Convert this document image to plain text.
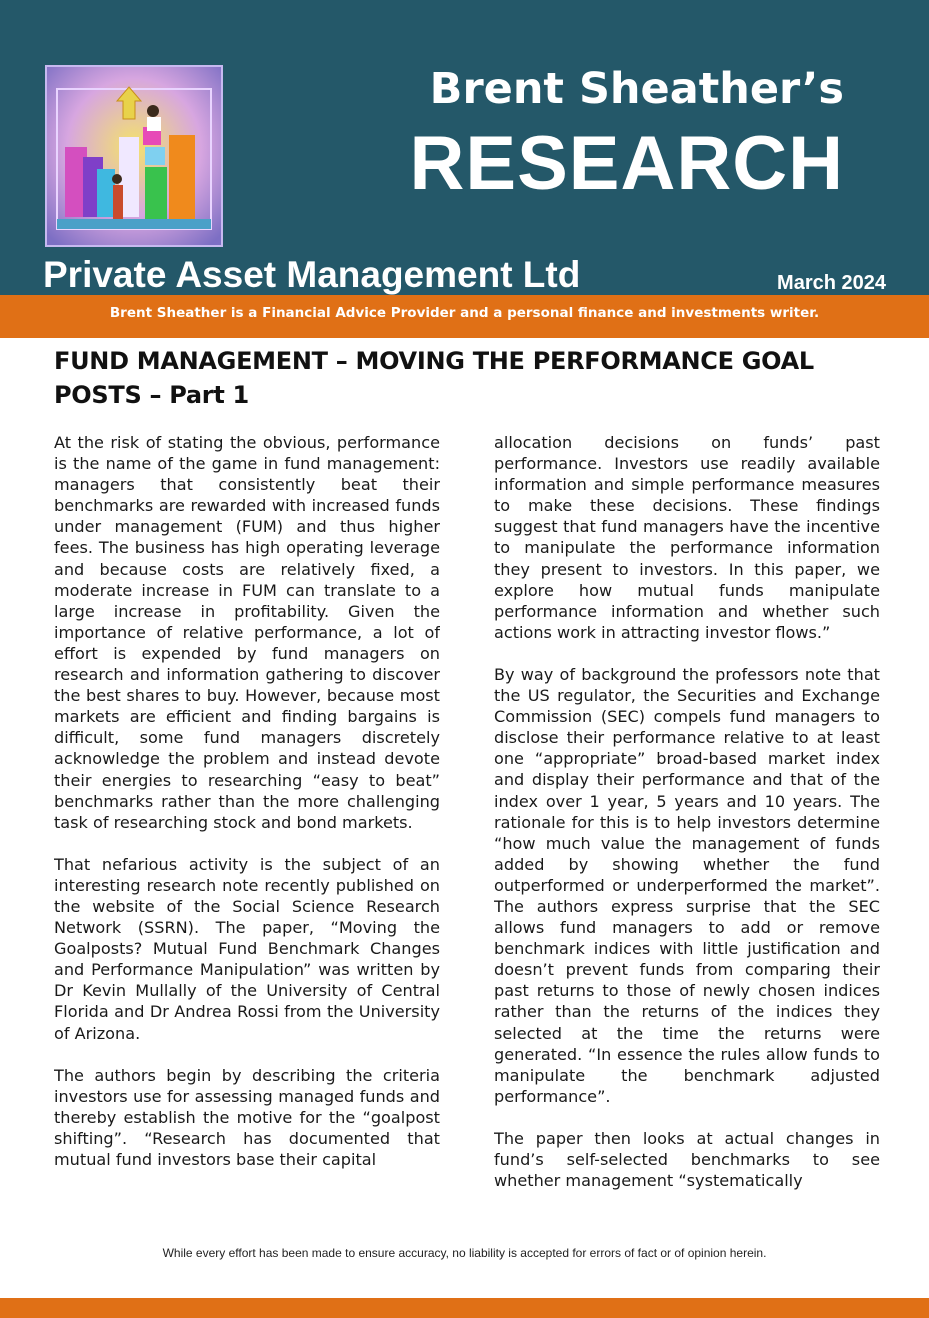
Brent Sheather’s
RESEARCH
Private Asset Management Ltd	March 2024
Brent Sheather is a Financial Advice Provider and a personal finance and investments writer.
FUND MANAGEMENT – MOVING THE PERFORMANCE GOAL POSTS – Part 1

At the risk of stating the obvious, performance is the name of the game in fund management: managers that consistently beat their benchmarks are rewarded with increased funds under management (FUM) and thus higher fees. The business has high operating leverage and because costs are relatively fixed, a moderate increase in FUM can translate to a large increase in profitability. Given the importance of relative performance, a lot of effort is expended by fund managers on research and information gathering to discover the best shares to buy. However, because most markets are efficient and finding bargains is difficult, some fund managers discretely acknowledge the problem and instead devote their energies to researching “easy to beat” benchmarks rather than the more challenging task of researching stock and bond markets.

That nefarious activity is the subject of an interesting research note recently published on the website of the Social Science Research Network (SSRN). The paper, “Moving the Goalposts? Mutual Fund Benchmark Changes and Performance Manipulation” was written by Dr Kevin Mullally of the University of Central Florida and Dr Andrea Rossi from the University of Arizona.

The authors begin by describing the criteria investors use for assessing managed funds and thereby establish the motive for the “goalpost shifting”. “Research has documented that mutual fund investors base their capital

allocation decisions on funds’ past performance. Investors use readily available information and simple performance measures to make these decisions. These findings suggest that fund managers have the incentive to manipulate the performance information they present to investors. In this paper, we explore how mutual funds manipulate performance information and whether such actions work in attracting investor flows.”

By way of background the professors note that the US regulator, the Securities and Exchange Commission (SEC) compels fund managers to disclose their performance relative to at least one “appropriate” broad-based market index and display their performance and that of the index over 1 year, 5 years and 10 years. The rationale for this is to help investors determine “how much value the management of funds added by showing whether the fund outperformed or underperformed the market”. The authors express surprise that the SEC allows fund managers to add or remove benchmark indices with little justification and doesn’t prevent funds from comparing their past returns to those of newly chosen indices rather than the returns of the indices they selected at the time the returns were generated. “In essence the rules allow funds to manipulate the benchmark adjusted performance”.

The paper then looks at actual changes in fund’s self-selected benchmarks to see whether management “systematically

While every effort has been made to ensure accuracy, no liability is accepted for errors of fact or of opinion herein.
